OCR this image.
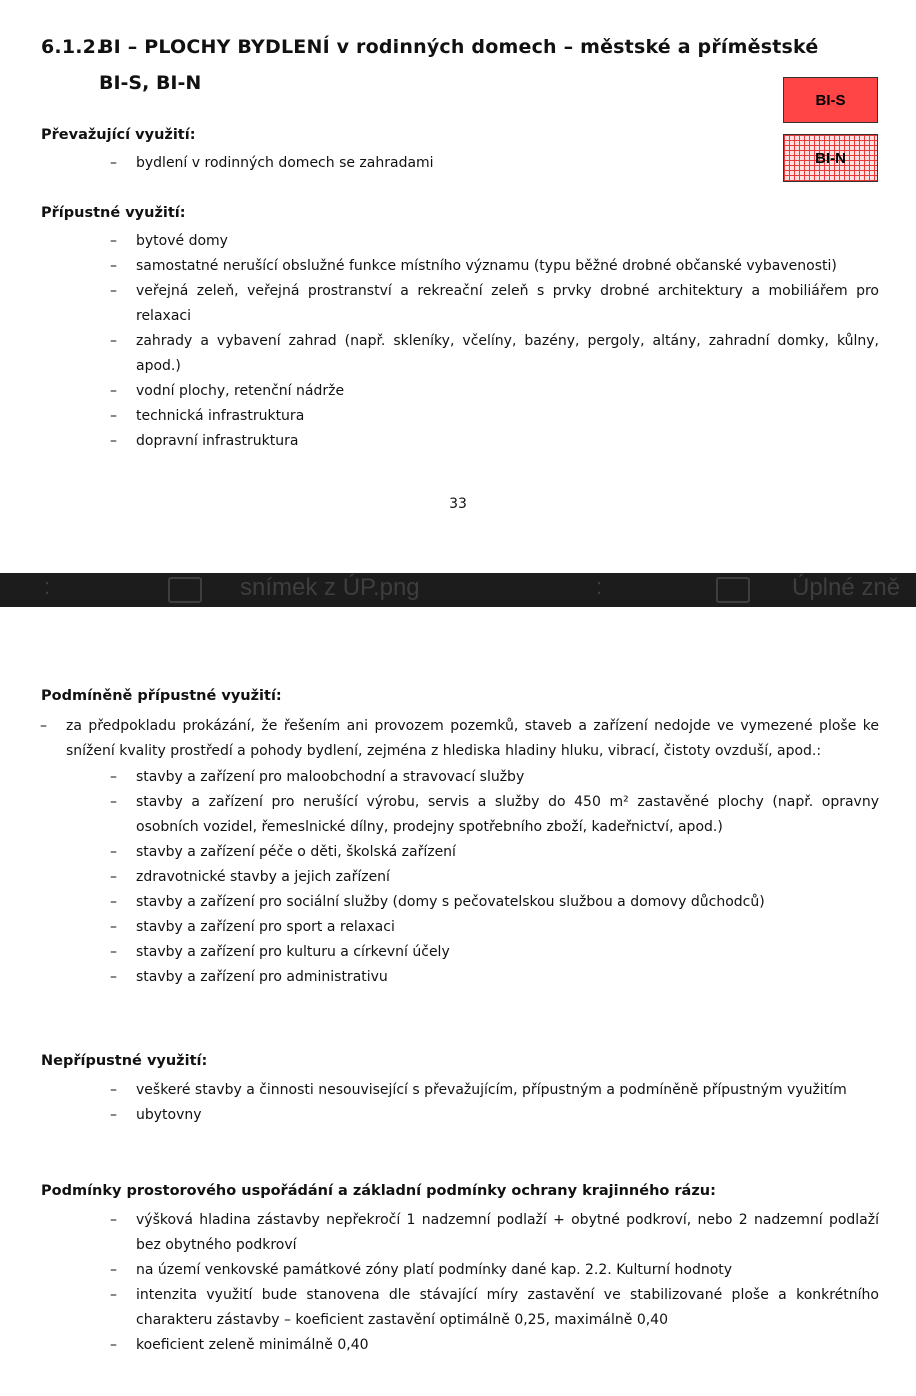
6.1.2.BI – PLOCHY BYDLENÍ v rodinných domech – městské a příměstské
BI-S, BI-N
BI-S
BI-N
Převažující využití:
– bydlení v rodinných domech se zahradami
Přípustné využití:
– bytové domy
– samostatné nerušící obslužné funkce místního významu (typu běžné drobné občanské vybavenosti)
– veřejná zeleň, veřejná prostranství a rekreační zeleň s prvky drobné architektury a mobiliářem pro relaxaci
– zahrady a vybavení zahrad (např. skleníky, včelíny, bazény, pergoly, altány, zahradní domky, kůlny, apod.)
– vodní plochy, retenční nádrže
– technická infrastruktura
– dopravní infrastruktura
33
:	snímek z ÚP.png	:	Úplné zně
Podmíněně přípustné využití:
– za předpokladu prokázání, že řešením ani provozem pozemků, staveb a zařízení nedojde ve vymezené ploše ke snížení kvality prostředí a pohody bydlení, zejména z hlediska hladiny hluku, vibrací, čistoty ovzduší, apod.:
– stavby a zařízení pro maloobchodní a stravovací služby
– stavby a zařízení pro nerušící výrobu, servis a služby do 450 m² zastavěné plochy (např. opravny osobních vozidel, řemeslnické dílny, prodejny spotřebního zboží, kadeřnictví, apod.)
– stavby a zařízení péče o děti, školská zařízení
– zdravotnické stavby a jejich zařízení
– stavby a zařízení pro sociální služby (domy s pečovatelskou službou a domovy důchodců)
– stavby a zařízení pro sport a relaxaci
– stavby a zařízení pro kulturu a církevní účely
– stavby a zařízení pro administrativu
Nepřípustné využití:
– veškeré stavby a činnosti nesouvisející s převažujícím, přípustným a podmíněně přípustným využitím
– ubytovny
Podmínky prostorového uspořádání a základní podmínky ochrany krajinného rázu:
– výšková hladina zástavby nepřekročí 1 nadzemní podlaží + obytné podkroví, nebo 2 nadzemní podlaží bez obytného podkroví
– na území venkovské památkové zóny platí podmínky dané kap. 2.2. Kulturní hodnoty
– intenzita využití bude stanovena dle stávající míry zastavění ve stabilizované ploše a konkrétního charakteru zástavby – koeficient zastavění optimálně 0,25, maximálně 0,40
– koeficient zeleně minimálně 0,40
